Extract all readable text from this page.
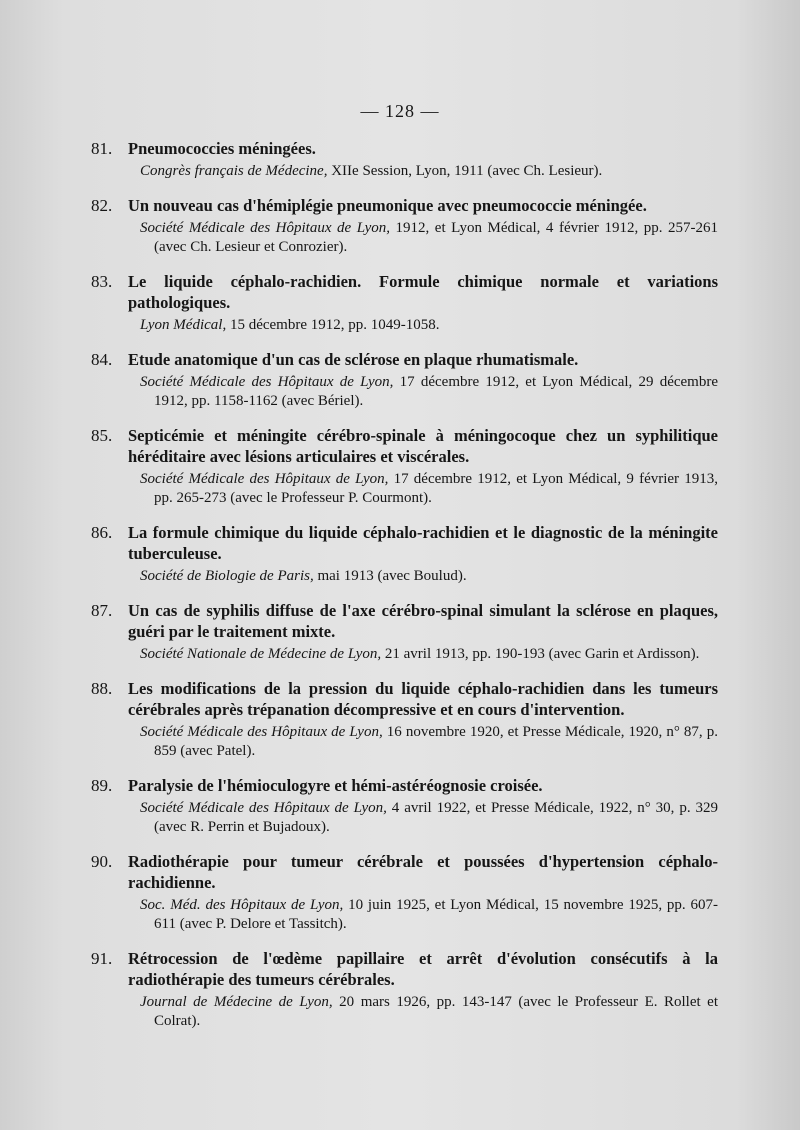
— 128 —
81. Pneumococcies méningées.
Congrès français de Médecine, XIIe Session, Lyon, 1911 (avec Ch. Lesieur).
82. Un nouveau cas d'hémiplégie pneumonique avec pneumococcie méningée.
Société Médicale des Hôpitaux de Lyon, 1912, et Lyon Médical, 4 février 1912, pp. 257-261 (avec Ch. Lesieur et Conrozier).
83. Le liquide céphalo-rachidien. Formule chimique normale et variations pathologiques.
Lyon Médical, 15 décembre 1912, pp. 1049-1058.
84. Etude anatomique d'un cas de sclérose en plaque rhumatismale.
Société Médicale des Hôpitaux de Lyon, 17 décembre 1912, et Lyon Médical, 29 décembre 1912, pp. 1158-1162 (avec Bériel).
85. Septicémie et méningite cérébro-spinale à méningocoque chez un syphilitique héréditaire avec lésions articulaires et viscérales.
Société Médicale des Hôpitaux de Lyon, 17 décembre 1912, et Lyon Médical, 9 février 1913, pp. 265-273 (avec le Professeur P. Courmont).
86. La formule chimique du liquide céphalo-rachidien et le diagnostic de la méningite tuberculeuse.
Société de Biologie de Paris, mai 1913 (avec Boulud).
87. Un cas de syphilis diffuse de l'axe cérébro-spinal simulant la sclérose en plaques, guéri par le traitement mixte.
Société Nationale de Médecine de Lyon, 21 avril 1913, pp. 190-193 (avec Garin et Ardisson).
88. Les modifications de la pression du liquide céphalo-rachidien dans les tumeurs cérébrales après trépanation décompressive et en cours d'intervention.
Société Médicale des Hôpitaux de Lyon, 16 novembre 1920, et Presse Médicale, 1920, n° 87, p. 859 (avec Patel).
89. Paralysie de l'hémioculogyre et hémi-astéréognosie croisée.
Société Médicale des Hôpitaux de Lyon, 4 avril 1922, et Presse Médicale, 1922, n° 30, p. 329 (avec R. Perrin et Bujadoux).
90. Radiothérapie pour tumeur cérébrale et poussées d'hypertension céphalo-rachidienne.
Soc. Méd. des Hôpitaux de Lyon, 10 juin 1925, et Lyon Médical, 15 novembre 1925, pp. 607-611 (avec P. Delore et Tassitch).
91. Rétrocession de l'œdème papillaire et arrêt d'évolution consécutifs à la radiothérapie des tumeurs cérébrales.
Journal de Médecine de Lyon, 20 mars 1926, pp. 143-147 (avec le Professeur E. Rollet et Colrat).
